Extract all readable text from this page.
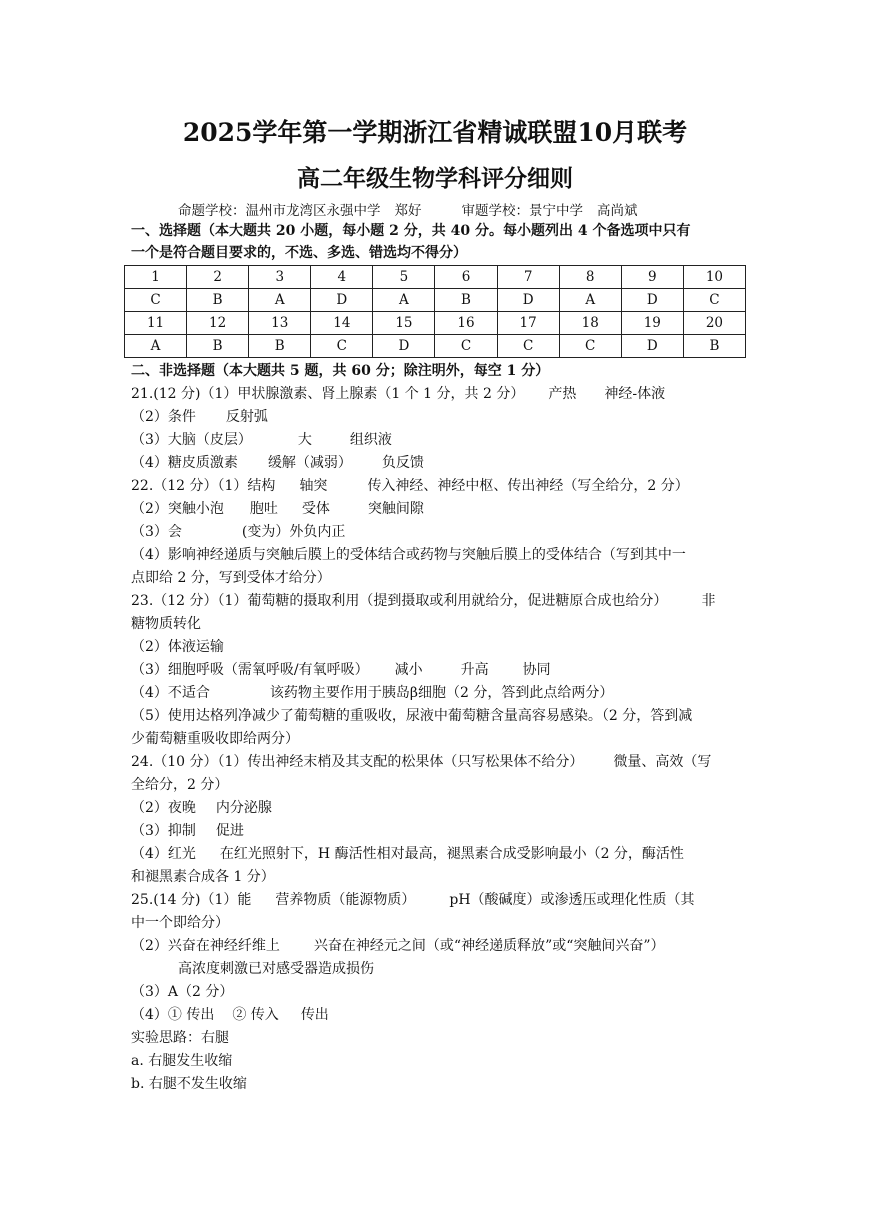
2025学年第一学期浙江省精诚联盟10月联考
高二年级生物学科评分细则
命题学校：温州市龙湾区永强中学 郑好	审题学校：景宁中学 高尚斌
一、选择题（本大题共 20 小题，每小题 2 分，共 40 分。每小题列出 4 个备选项中只有
一个是符合题目要求的，不选、多选、错选均不得分）
1	2	3	4	5	6	7	8	9	10
C	B	A	D	A	B	D	A	D	C
11	12	13	14	15	16	17	18	19	20
A	B	B	C	D	C	C	C	D	B
二、非选择题（本大题共 5 题，共 60 分；除注明外，每空 1 分）
21.(12 分)（1）甲状腺激素、肾上腺素（1 个 1 分，共 2 分） 产热 神经-体液
（2）条件 反射弧
（3）大脑（皮层）	大	组织液
（4）糖皮质激素 缓解（减弱） 负反馈
22.（12 分）（1）结构 轴突	传入神经、神经中枢、传出神经（写全给分，2 分）
（2）突触小泡 胞吐 受体	突触间隙
（3）会	(变为）外负内正
（4）影响神经递质与突触后膜上的受体结合或药物与突触后膜上的受体结合（写到其中一
点即给 2 分，写到受体才给分）
23.（12 分）（1）葡萄糖的摄取利用（提到摄取或利用就给分，促进糖原合成也给分） 非
糖物质转化
（2）体液运输
（3）细胞呼吸（需氧呼吸/有氧呼吸） 减小	升高 协同
（4）不适合	该药物主要作用于胰岛β细胞（2 分，答到此点给两分）
（5）使用达格列净减少了葡萄糖的重吸收，尿液中葡萄糖含量高容易感染。（2 分，答到减
少葡萄糖重吸收即给两分）
24.（10 分）（1）传出神经末梢及其支配的松果体（只写松果体不给分） 微量、高效（写
全给分，2 分）
（2）夜晚 内分泌腺
（3）抑制 促进
（4）红光 在红光照射下，H 酶活性相对最高，褪黑素合成受影响最小（2 分，酶活性
和褪黑素合成各 1 分）
25.(14 分)（1）能 营养物质（能源物质） pH（酸碱度）或渗透压或理化性质（其
中一个即给分）
（2）兴奋在神经纤维上 兴奋在神经元之间（或“神经递质释放”或“突触间兴奋”）
高浓度刺激已对感受器造成损伤
（3）A（2 分）
（4）① 传出 ② 传入 传出
实验思路：右腿
a. 右腿发生收缩
b. 右腿不发生收缩
